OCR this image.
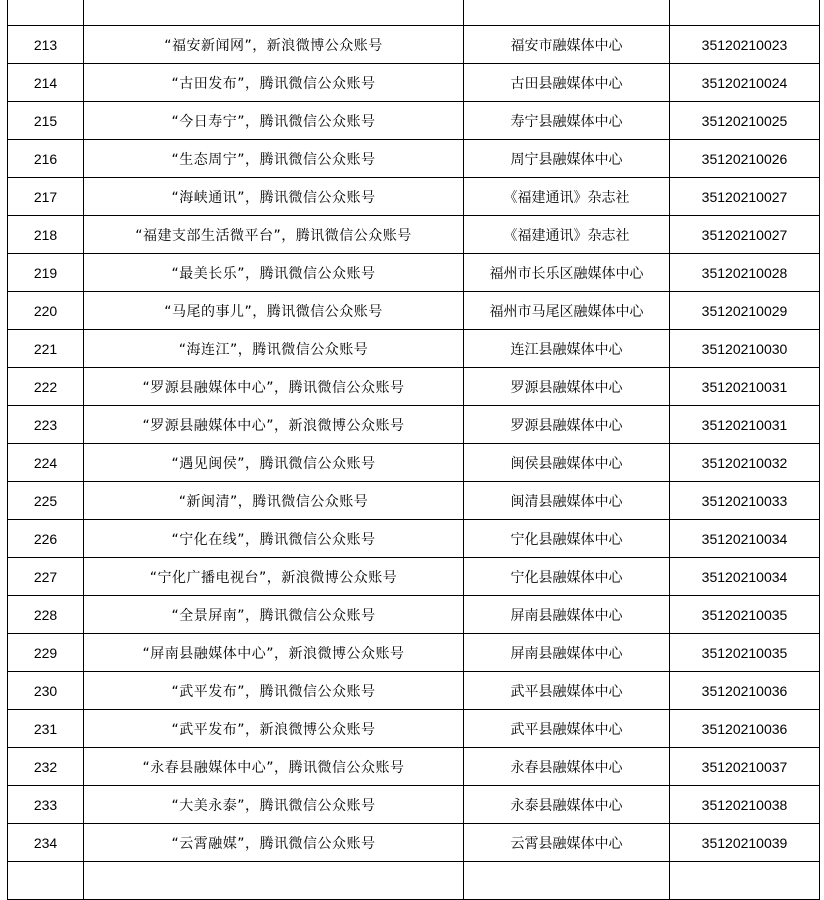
213	“福安新闻网”，新浪微博公众账号	福安市融媒体中心	35120210023
214	“古田发布”，腾讯微信公众账号	古田县融媒体中心	35120210024
215	“今日寿宁”，腾讯微信公众账号	寿宁县融媒体中心	35120210025
216	“生态周宁”，腾讯微信公众账号	周宁县融媒体中心	35120210026
217	“海峡通讯”，腾讯微信公众账号	《福建通讯》杂志社	35120210027
218	“福建支部生活微平台”，腾讯微信公众账号	《福建通讯》杂志社	35120210027
219	“最美长乐”，腾讯微信公众账号	福州市长乐区融媒体中心	35120210028
220	“马尾的事儿”，腾讯微信公众账号	福州市马尾区融媒体中心	35120210029
221	“海连江”，腾讯微信公众账号	连江县融媒体中心	35120210030
222	“罗源县融媒体中心”，腾讯微信公众账号	罗源县融媒体中心	35120210031
223	“罗源县融媒体中心”，新浪微博公众账号	罗源县融媒体中心	35120210031
224	“遇见闽侯”，腾讯微信公众账号	闽侯县融媒体中心	35120210032
225	“新闽清”，腾讯微信公众账号	闽清县融媒体中心	35120210033
226	“宁化在线”，腾讯微信公众账号	宁化县融媒体中心	35120210034
227	“宁化广播电视台”，新浪微博公众账号	宁化县融媒体中心	35120210034
228	“全景屏南”，腾讯微信公众账号	屏南县融媒体中心	35120210035
229	“屏南县融媒体中心”，新浪微博公众账号	屏南县融媒体中心	35120210035
230	“武平发布”，腾讯微信公众账号	武平县融媒体中心	35120210036
231	“武平发布”，新浪微博公众账号	武平县融媒体中心	35120210036
232	“永春县融媒体中心”，腾讯微信公众账号	永春县融媒体中心	35120210037
233	“大美永泰”，腾讯微信公众账号	永泰县融媒体中心	35120210038
234	“云霄融媒”，腾讯微信公众账号	云霄县融媒体中心	35120210039
